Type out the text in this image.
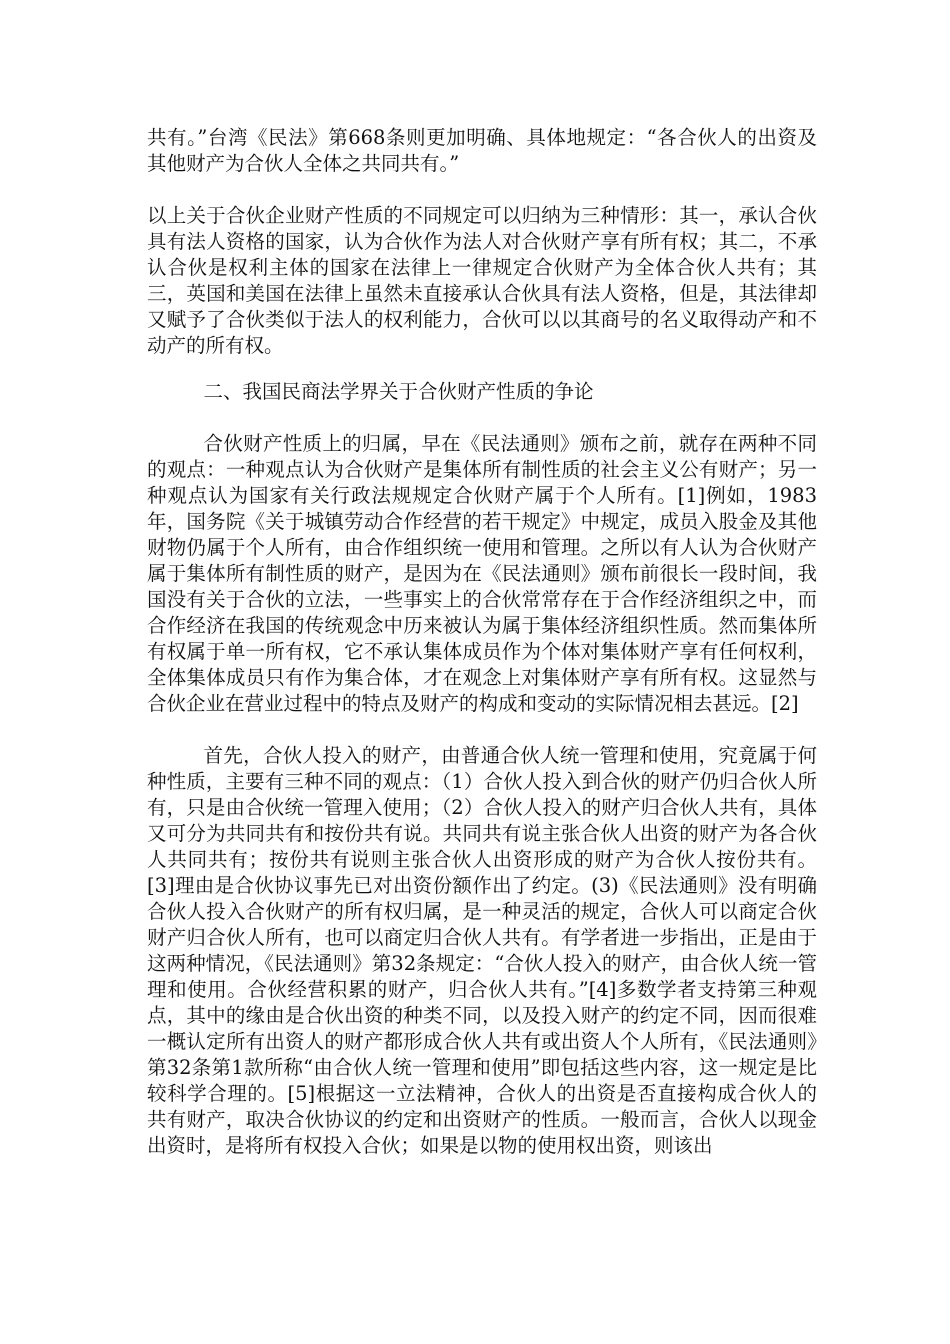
共有。”台湾《民法》第668条则更加明确、具体地规定：“各合伙人的出资及其他财产为合伙人全体之共同共有。”

以上关于合伙企业财产性质的不同规定可以归纳为三种情形：其一，承认合伙具有法人资格的国家，认为合伙作为法人对合伙财产享有所有权；其二，不承认合伙是权利主体的国家在法律上一律规定合伙财产为全体合伙人共有；其三，英国和美国在法律上虽然未直接承认合伙具有法人资格，但是，其法律却又赋予了合伙类似于法人的权利能力，合伙可以以其商号的名义取得动产和不动产的所有权。

二、我国民商法学界关于合伙财产性质的争论

合伙财产性质上的归属，早在《民法通则》颁布之前，就存在两种不同的观点：一种观点认为合伙财产是集体所有制性质的社会主义公有财产；另一种观点认为国家有关行政法规规定合伙财产属于个人所有。[1]例如，1983年，国务院《关于城镇劳动合作经营的若干规定》中规定，成员入股金及其他财物仍属于个人所有，由合作组织统一使用和管理。之所以有人认为合伙财产属于集体所有制性质的财产，是因为在《民法通则》颁布前很长一段时间，我国没有关于合伙的立法，一些事实上的合伙常常存在于合作经济组织之中，而合作经济在我国的传统观念中历来被认为属于集体经济组织性质。然而集体所有权属于单一所有权，它不承认集体成员作为个体对集体财产享有任何权利，全体集体成员只有作为集合体，才在观念上对集体财产享有所有权。这显然与合伙企业在营业过程中的特点及财产的构成和变动的实际情况相去甚远。[2]

首先，合伙人投入的财产，由普通合伙人统一管理和使用，究竟属于何种性质，主要有三种不同的观点：（1）合伙人投入到合伙的财产仍归合伙人所有，只是由合伙统一管理入使用；（2）合伙人投入的财产归合伙人共有，具体又可分为共同共有和按份共有说。共同共有说主张合伙人出资的财产为各合伙人共同共有；按份共有说则主张合伙人出资形成的财产为合伙人按份共有。[3]理由是合伙协议事先已对出资份额作出了约定。(3)《民法通则》没有明确合伙人投入合伙财产的所有权归属，是一种灵活的规定，合伙人可以商定合伙财产归合伙人所有，也可以商定归合伙人共有。有学者进一步指出，正是由于这两种情况，《民法通则》第32条规定：“合伙人投入的财产，由合伙人统一管理和使用。合伙经营积累的财产，归合伙人共有。”[4]多数学者支持第三种观点，其中的缘由是合伙出资的种类不同，以及投入财产的约定不同，因而很难一概认定所有出资人的财产都形成合伙人共有或出资人个人所有，《民法通则》第32条第1款所称“由合伙人统一管理和使用”即包括这些内容，这一规定是比较科学合理的。[5]根据这一立法精神，合伙人的出资是否直接构成合伙人的共有财产，取决合伙协议的约定和出资财产的性质。一般而言，合伙人以现金出资时，是将所有权投入合伙；如果是以物的使用权出资，则该出
